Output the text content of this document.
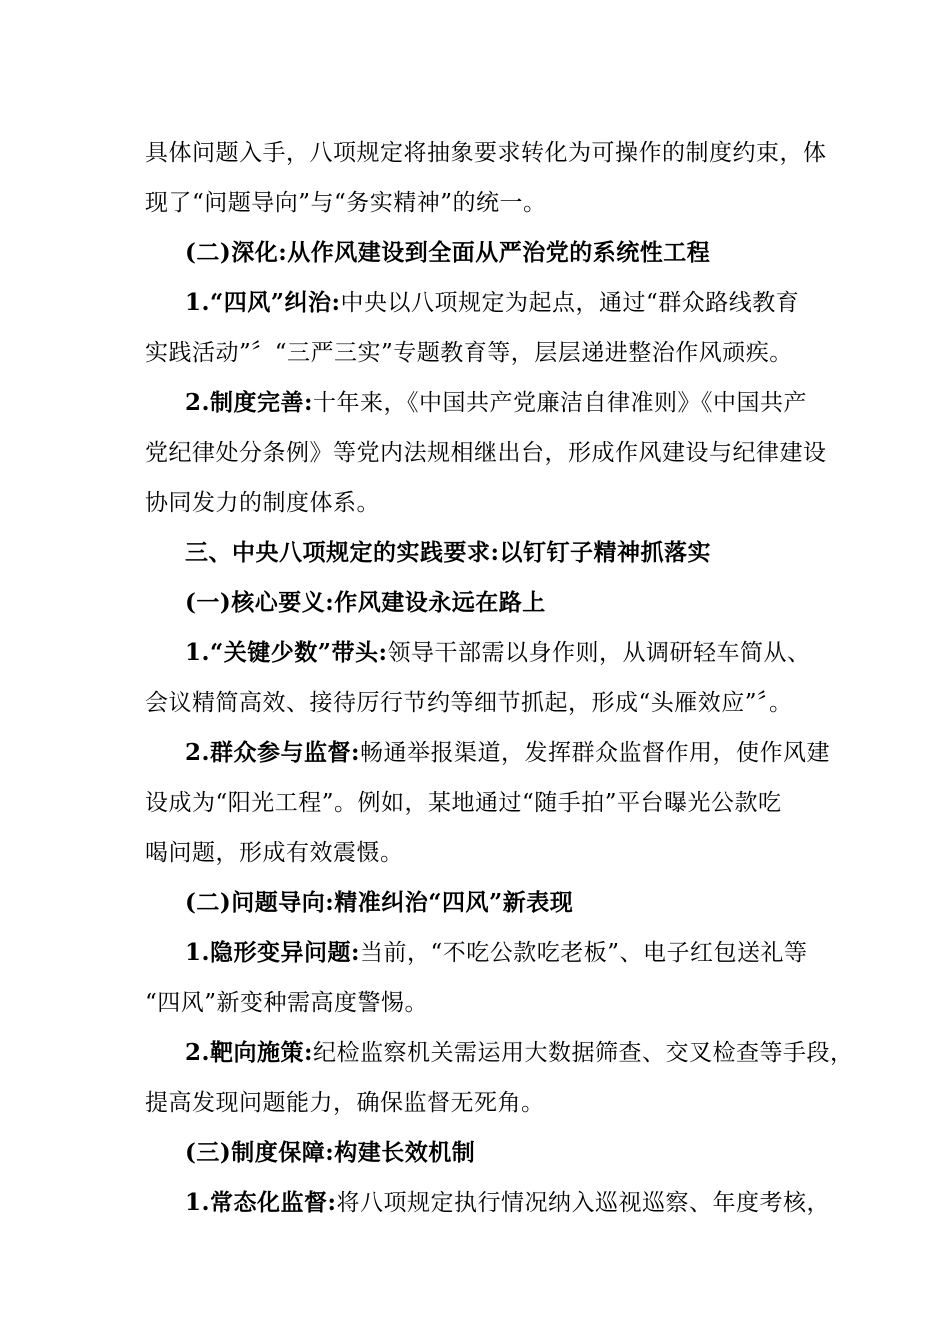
具体问题入手，八项规定将抽象要求转化为可操作的制度约束，体
现了“问题导向”与“务实精神”的统一。
(二)深化:从作风建设到全面从严治党的系统性工程
1.“四风”纠治:中央以八项规定为起点，通过“群众路线教育
实践活动”〞“三严三实”专题教育等，层层递进整治作风顽疾。
2.制度完善:十年来，《中国共产党廉洁自律准则》《中国共产
党纪律处分条例》等党内法规相继出台，形成作风建设与纪律建设
协同发力的制度体系。
三、中央八项规定的实践要求:以钉钉子精神抓落实
(一)核心要义:作风建设永远在路上
1.“关键少数”带头:领导干部需以身作则，从调研轻车简从、
会议精简高效、接待厉行节约等细节抓起，形成“头雁效应”〞。
2.群众参与监督:畅通举报渠道，发挥群众监督作用，使作风建
设成为“阳光工程”。例如，某地通过“随手拍”平台曝光公款吃
喝问题，形成有效震慑。
(二)问题导向:精准纠治“四风”新表现
1.隐形变异问题:当前，“不吃公款吃老板”、电子红包送礼等
“四风”新变种需高度警惕。
2.靶向施策:纪检监察机关需运用大数据筛查、交叉检查等手段，
提高发现问题能力，确保监督无死角。
(三)制度保障:构建长效机制
1.常态化监督:将八项规定执行情况纳入巡视巡察、年度考核，
